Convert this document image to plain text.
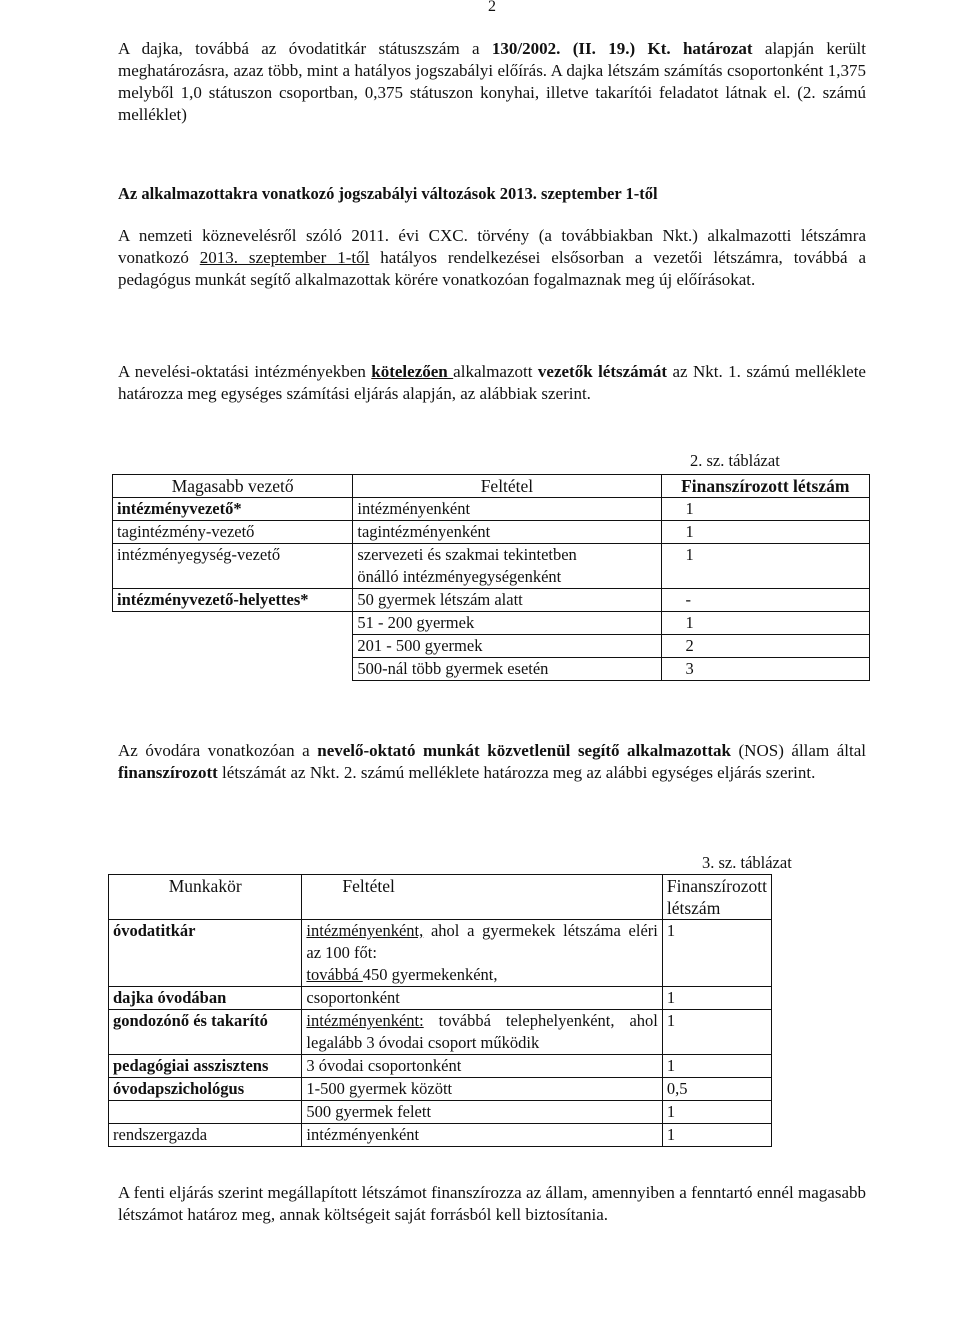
2

A dajka, továbbá az óvodatitkár státuszszám a 130/2002. (II. 19.) Kt. határozat alapján került meghatározásra, azaz több, mint a hatályos jogszabályi előírás. A dajka létszám számítás csoportonként 1,375 melyből 1,0 státuszon csoportban, 0,375 státuszon konyhai, illetve takarítói feladatot látnak el. (2. számú melléklet)

Az alkalmazottakra vonatkozó jogszabályi változások 2013. szeptember 1-től

A nemzeti köznevelésről szóló 2011. évi CXC. törvény (a továbbiakban Nkt.) alkalmazotti létszámra vonatkozó 2013. szeptember 1-től hatályos rendelkezései elsősorban a vezetői létszámra, továbbá a pedagógus munkát segítő alkalmazottak körére vonatkozóan fogalmaznak meg új előírásokat.

A nevelési-oktatási intézményekben kötelezően alkalmazott vezetők létszámát az Nkt. 1. számú melléklete határozza meg egységes számítási eljárás alapján, az alábbiak szerint.

2. sz. táblázat
Magasabb vezető	Feltétel	Finanszírozott létszám
intézményvezető*	intézményenként	1
tagintézmény-vezető	tagintézményenként	1
intézményegység-vezető	szervezeti és szakmai tekintetben
önálló intézményegységenként	1
intézményvezető-helyettes*	50 gyermek létszám alatt	-
	51 - 200 gyermek	1
	201 - 500 gyermek	2
	500-nál több gyermek esetén	3

Az óvodára vonatkozóan a nevelő-oktató munkát közvetlenül segítő alkalmazottak (NOS) állam által finanszírozott létszámát az Nkt. 2. számú melléklete határozza meg az alábbi egységes eljárás szerint.

3. sz. táblázat
Munkakör	Feltétel	Finanszírozott létszám
óvodatitkár	intézményenként, ahol a gyermekek létszáma eléri az 100 főt:
továbbá 450 gyermekenként,	1
dajka óvodában	csoportonként	1
gondozónő és takarító	intézményenként: továbbá telephelyenként, ahol legalább 3 óvodai csoport működik	1
pedagógiai asszisztens	3 óvodai csoportonként	1
óvodapszichológus	1-500 gyermek között	0,5
	500 gyermek felett	1
rendszergazda	intézményenként	1

A fenti eljárás szerint megállapított létszámot finanszírozza az állam, amennyiben a fenntartó ennél magasabb létszámot határoz meg, annak költségeit saját forrásból kell biztosítania.
